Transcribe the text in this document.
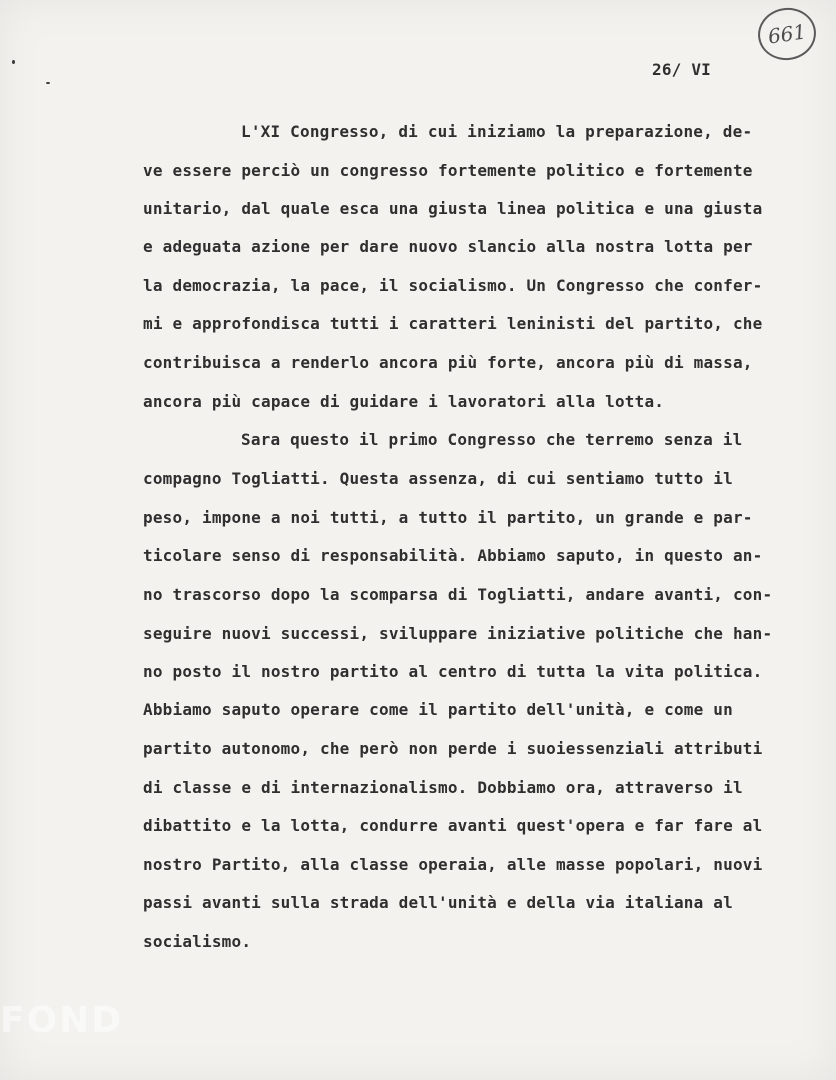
661
26/ VI
L'XI Congresso, di cui iniziamo la preparazione, de-
ve essere perciò un congresso fortemente politico e fortemente
unitario, dal quale esca una giusta linea politica e una giusta
e adeguata azione per dare nuovo slancio alla nostra lotta per
la democrazia, la pace, il socialismo. Un Congresso che confer-
mi e approfondisca tutti i caratteri leninisti del partito, che
contribuisca a renderlo ancora più forte, ancora più di massa,
ancora più capace di guidare i lavoratori alla lotta.
Sara questo il primo Congresso che terremo senza il
compagno Togliatti. Questa assenza, di cui sentiamo tutto il
peso, impone a noi tutti, a tutto il partito, un grande e par-
ticolare senso di responsabilità. Abbiamo saputo, in questo an-
no trascorso dopo la scomparsa di Togliatti, andare avanti, con-
seguire nuovi successi, sviluppare iniziative politiche che han-
no posto il nostro partito al centro di tutta la vita politica.
Abbiamo saputo operare come il partito dell'unità, e come un
partito autonomo, che però non perde i suoiessenziali attributi
di classe e di internazionalismo. Dobbiamo ora, attraverso il
dibattito e la lotta, condurre avanti quest'opera e far fare al
nostro Partito, alla classe operaia, alle masse popolari, nuovi
passi avanti sulla strada dell'unità e della via italiana al
socialismo.
FOND
